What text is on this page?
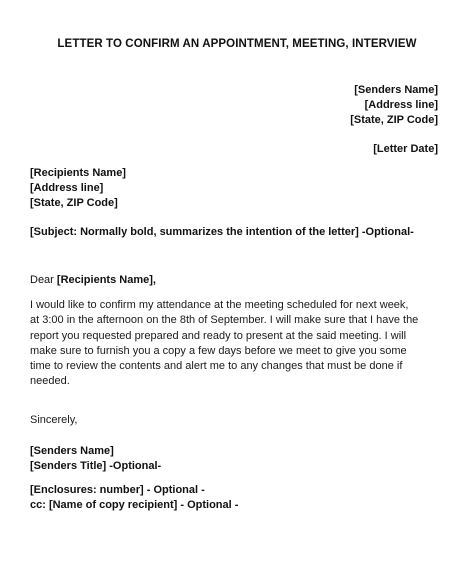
LETTER TO CONFIRM AN APPOINTMENT, MEETING, INTERVIEW
[Senders Name]
[Address line]
[State, ZIP Code]
[Letter Date]
[Recipients Name]
[Address line]
[State, ZIP Code]
[Subject: Normally bold, summarizes the intention of the letter] -Optional-
Dear [Recipients Name],
I would like to confirm my attendance at the meeting scheduled for next week,
at 3:00 in the afternoon on the 8th of September. I will make sure that I have the
report you requested prepared and ready to present at the said meeting. I will
make sure to furnish you a copy a few days before we meet to give you some
time to review the contents and alert me to any changes that must be done if
needed.
Sincerely,
[Senders Name]
[Senders Title] -Optional-
[Enclosures: number] - Optional -
cc: [Name of copy recipient] - Optional -
